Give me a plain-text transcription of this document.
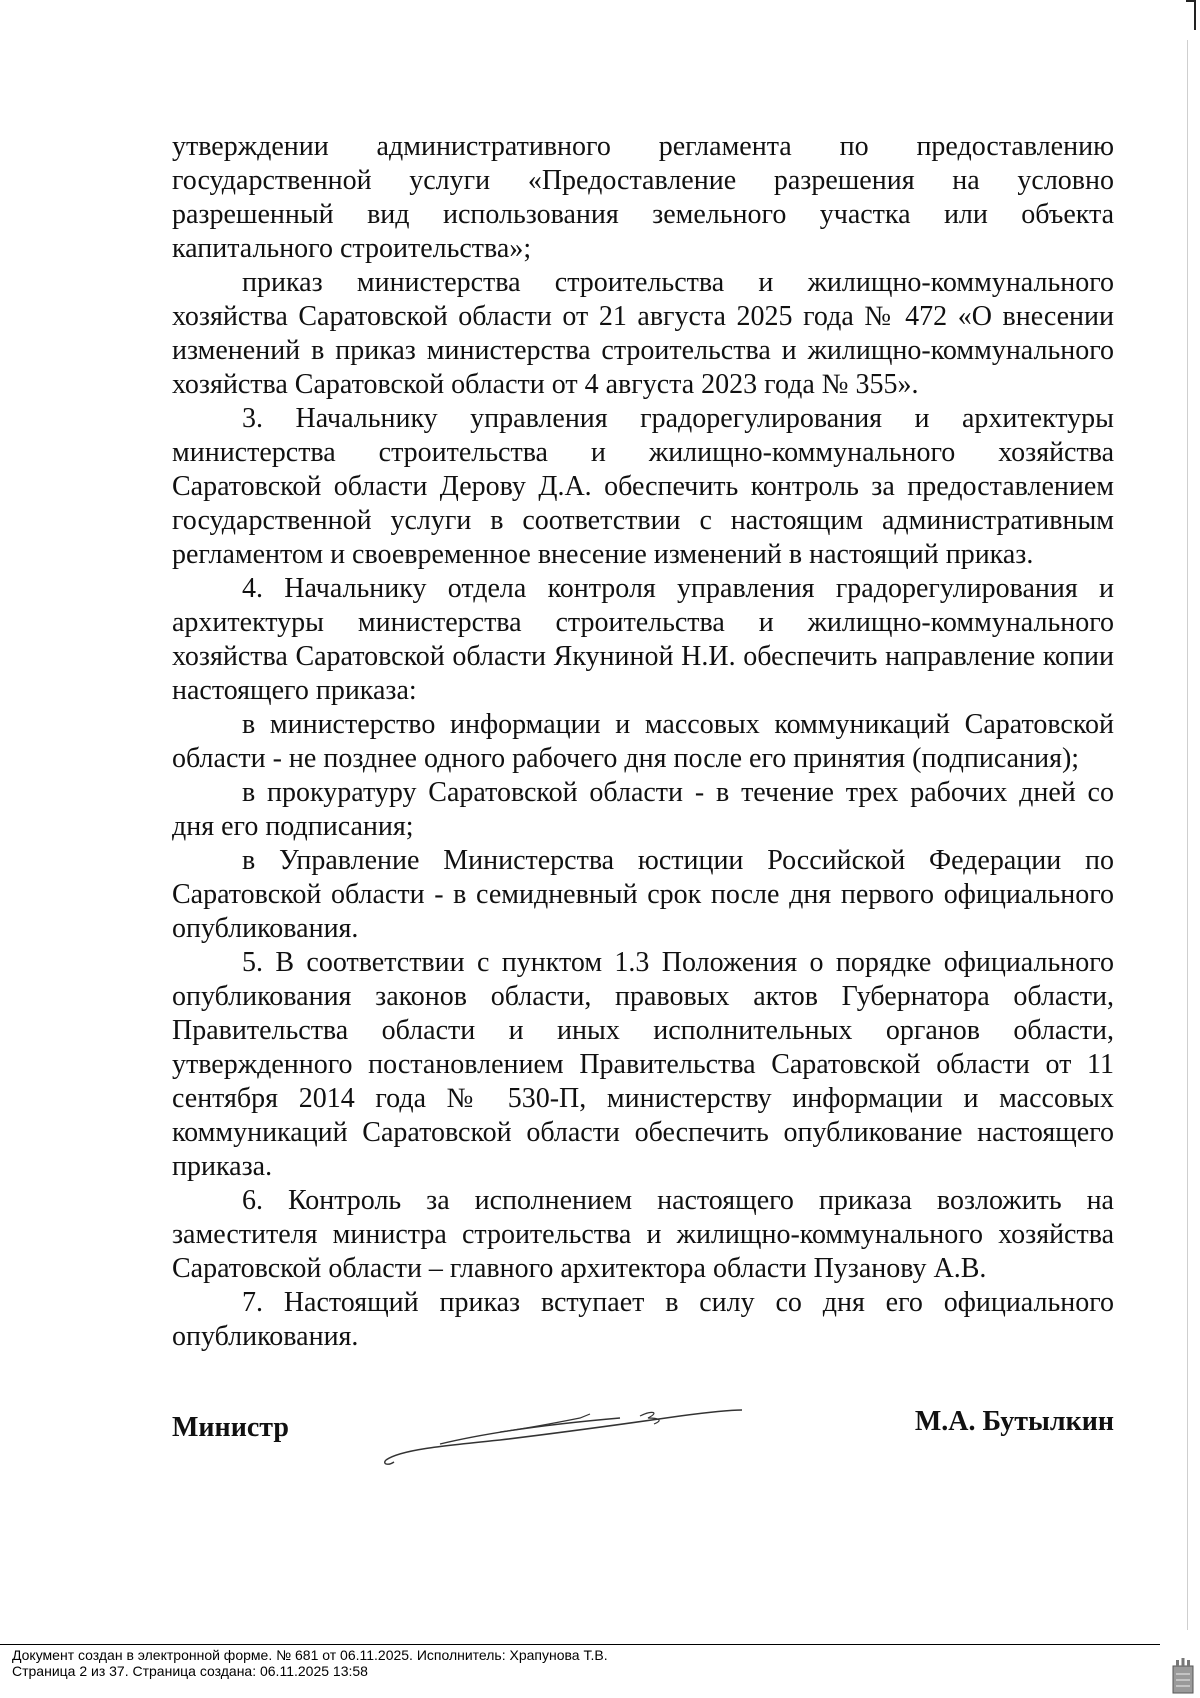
утверждении административного регламента по предоставлению государственной услуги «Предоставление разрешения на условно разрешенный вид использования земельного участка или объекта капитального строительства»;

приказ министерства строительства и жилищно-коммунального хозяйства Саратовской области от 21 августа 2025 года № 472 «О внесении изменений в приказ министерства строительства и жилищно-коммунального хозяйства Саратовской области от 4 августа 2023 года № 355».

3. Начальнику управления градорегулирования и архитектуры министерства строительства и жилищно-коммунального хозяйства Саратовской области Дерову Д.А. обеспечить контроль за предоставлением государственной услуги в соответствии с настоящим административным регламентом и своевременное внесение изменений в настоящий приказ.

4. Начальнику отдела контроля управления градорегулирования и архитектуры министерства строительства и жилищно-коммунального хозяйства Саратовской области Якуниной Н.И. обеспечить направление копии настоящего приказа:

в министерство информации и массовых коммуникаций Саратовской области - не позднее одного рабочего дня после его принятия (подписания);

в прокуратуру Саратовской области - в течение трех рабочих дней со дня его подписания;

в Управление Министерства юстиции Российской Федерации по Саратовской области - в семидневный срок после дня первого официального опубликования.

5. В соответствии с пунктом 1.3 Положения о порядке официального опубликования законов области, правовых актов Губернатора области, Правительства области и иных исполнительных органов области, утвержденного постановлением Правительства Саратовской области от 11 сентября 2014 года № 530-П, министерству информации и массовых коммуникаций Саратовской области обеспечить опубликование настоящего приказа.

6. Контроль за исполнением настоящего приказа возложить на заместителя министра строительства и жилищно-коммунального хозяйства Саратовской области – главного архитектора области Пузанову А.В.

7. Настоящий приказ вступает в силу со дня его официального опубликования.

Министр	М.А. Бутылкин
Документ создан в электронной форме. № 681 от 06.11.2025. Исполнитель: Храпунова Т.В.
Страница 2 из 37. Страница создана: 06.11.2025 13:58
